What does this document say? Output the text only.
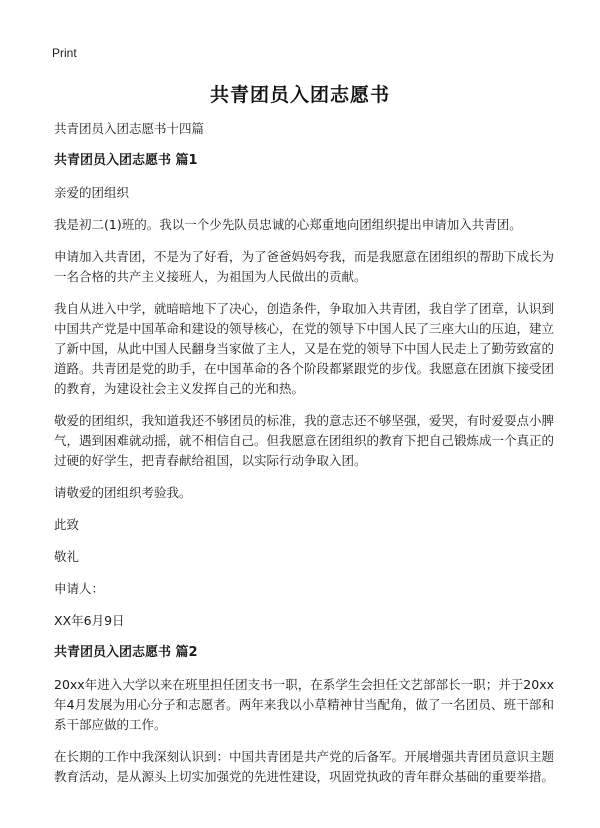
Print
共青团员入团志愿书

共青团员入团志愿书十四篇

共青团员入团志愿书 篇1

亲爱的团组织

我是初二(1)班的。我以一个少先队员忠诚的心郑重地向团组织提出申请加入共青团。

申请加入共青团，不是为了好看，为了爸爸妈妈夸我，而是我愿意在团组织的帮助下成长为一名合格的共产主义接班人，为祖国为人民做出的贡献。

我自从进入中学，就暗暗地下了决心，创造条件，争取加入共青团，我自学了团章，认识到中国共产党是中国革命和建设的领导核心，在党的领导下中国人民了三座大山的压迫，建立了新中国，从此中国人民翻身当家做了主人，又是在党的领导下中国人民走上了勤劳致富的道路。共青团是党的助手，在中国革命的各个阶段都紧跟党的步伐。我愿意在团旗下接受团的教育，为建设社会主义发挥自己的光和热。

敬爱的团组织，我知道我还不够团员的标准，我的意志还不够坚强，爱哭，有时爱耍点小脾气，遇到困难就动摇，就不相信自己。但我愿意在团组织的教育下把自己锻炼成一个真正的过硬的好学生，把青春献给祖国，以实际行动争取入团。

请敬爱的团组织考验我。

此致

敬礼

申请人：

XX年6月9日

共青团员入团志愿书 篇2

20xx年进入大学以来在班里担任团支书一职，在系学生会担任文艺部部长一职；并于20xx年4月发展为用心分子和志愿者。两年来我以小草精神甘当配角，做了一名团员、班干部和系干部应做的工作。

在长期的工作中我深刻认识到：中国共青团是共产党的后备军。开展增强共青团员意识主题教育活动，是从源头上切实加强党的先进性建设，巩固党执政的青年群众基础的重要举措。
